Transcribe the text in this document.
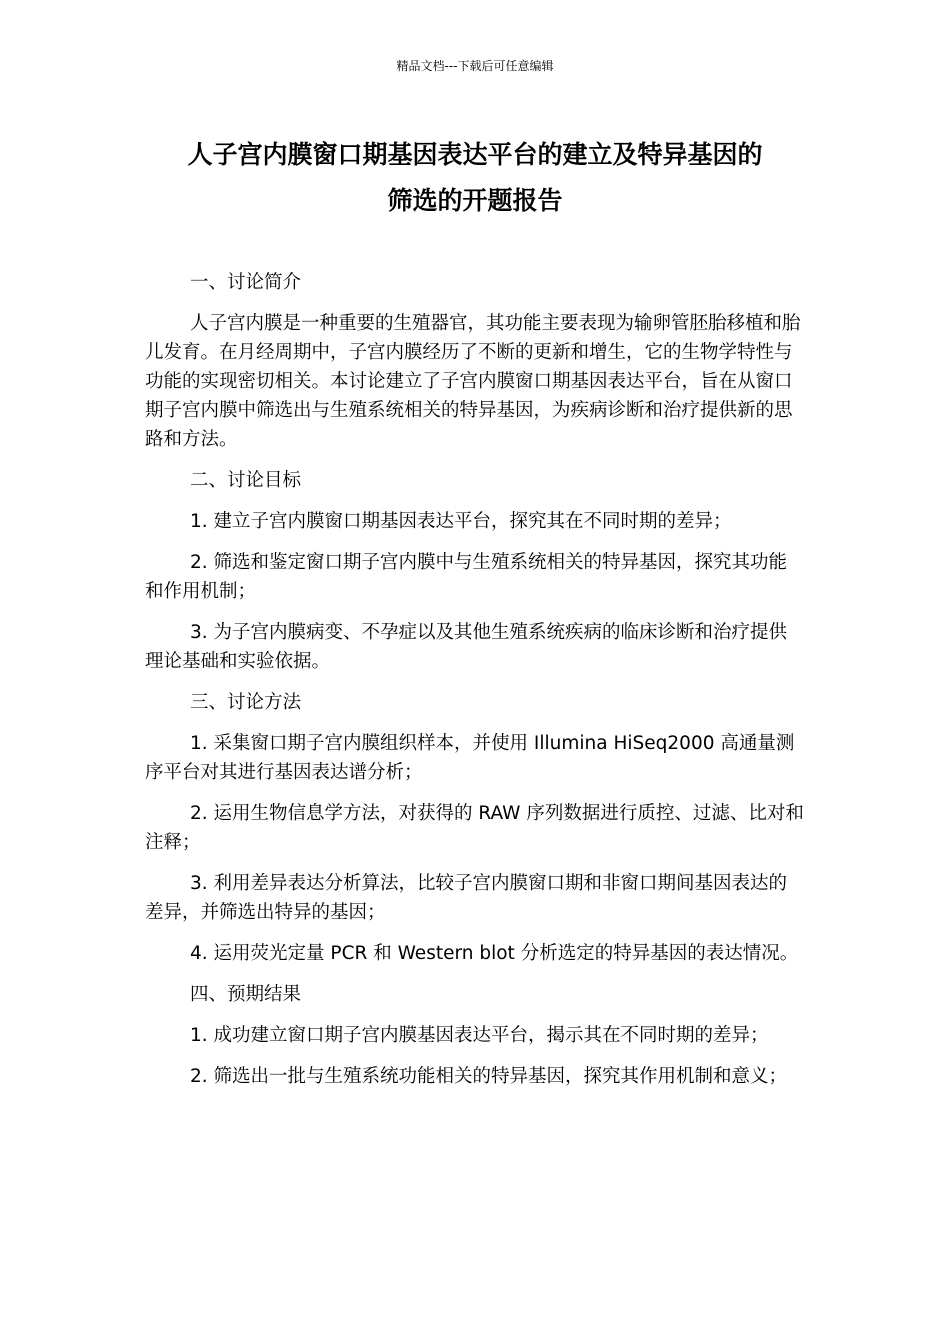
精品文档---下载后可任意编辑
人子宫内膜窗口期基因表达平台的建立及特异基因的
筛选的开题报告

一、讨论简介

人子宫内膜是一种重要的生殖器官，其功能主要表现为输卵管胚胎移植和胎儿发育。在月经周期中，子宫内膜经历了不断的更新和增生，它的生物学特性与功能的实现密切相关。本讨论建立了子宫内膜窗口期基因表达平台，旨在从窗口期子宫内膜中筛选出与生殖系统相关的特异基因，为疾病诊断和治疗提供新的思路和方法。

二、讨论目标

1. 建立子宫内膜窗口期基因表达平台，探究其在不同时期的差异；

2. 筛选和鉴定窗口期子宫内膜中与生殖系统相关的特异基因，探究其功能和作用机制；

3. 为子宫内膜病变、不孕症以及其他生殖系统疾病的临床诊断和治疗提供理论基础和实验依据。

三、讨论方法

1. 采集窗口期子宫内膜组织样本，并使用 Illumina HiSeq2000 高通量测序平台对其进行基因表达谱分析；

2. 运用生物信息学方法，对获得的 RAW 序列数据进行质控、过滤、比对和注释；

3. 利用差异表达分析算法，比较子宫内膜窗口期和非窗口期间基因表达的差异，并筛选出特异的基因；

4. 运用荧光定量 PCR 和 Western blot 分析选定的特异基因的表达情况。

四、预期结果

1. 成功建立窗口期子宫内膜基因表达平台，揭示其在不同时期的差异；

2. 筛选出一批与生殖系统功能相关的特异基因，探究其作用机制和意义；
